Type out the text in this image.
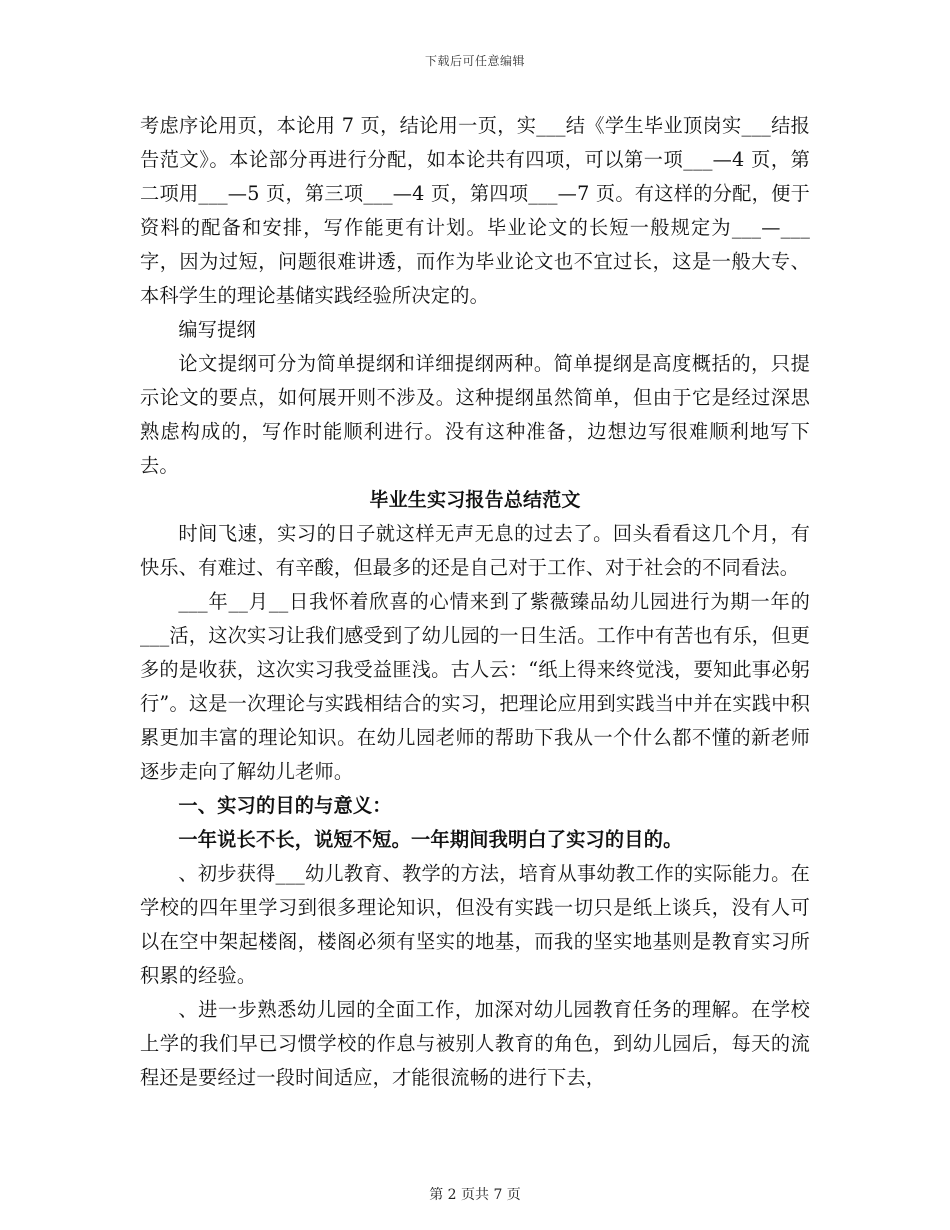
下载后可任意编辑

考虑序论用页，本论用 7 页，结论用一页，实___结《学生毕业顶岗实___结报告范文》。本论部分再进行分配，如本论共有四项，可以第一项___—4 页，第二项用___—5 页，第三项___—4 页，第四项___—7 页。有这样的分配，便于资料的配备和安排，写作能更有计划。毕业论文的长短一般规定为___—___字，因为过短，问题很难讲透，而作为毕业论文也不宜过长，这是一般大专、本科学生的理论基储实践经验所决定的。

编写提纲

论文提纲可分为简单提纲和详细提纲两种。简单提纲是高度概括的，只提示论文的要点，如何展开则不涉及。这种提纲虽然简单，但由于它是经过深思熟虑构成的，写作时能顺利进行。没有这种准备，边想边写很难顺利地写下去。

毕业生实习报告总结范文

时间飞速，实习的日子就这样无声无息的过去了。回头看看这几个月，有快乐、有难过、有辛酸，但最多的还是自己对于工作、对于社会的不同看法。

___年__月__日我怀着欣喜的心情来到了紫薇臻品幼儿园进行为期一年的___活，这次实习让我们感受到了幼儿园的一日生活。工作中有苦也有乐，但更多的是收获，这次实习我受益匪浅。古人云：“纸上得来终觉浅，要知此事必躬行”。这是一次理论与实践相结合的实习，把理论应用到实践当中并在实践中积累更加丰富的理论知识。在幼儿园老师的帮助下我从一个什么都不懂的新老师逐步走向了解幼儿老师。

一、实习的目的与意义：

一年说长不长，说短不短。一年期间我明白了实习的目的。

、初步获得___幼儿教育、教学的方法，培育从事幼教工作的实际能力。在学校的四年里学习到很多理论知识，但没有实践一切只是纸上谈兵，没有人可以在空中架起楼阁，楼阁必须有坚实的地基，而我的坚实地基则是教育实习所积累的经验。

、进一步熟悉幼儿园的全面工作，加深对幼儿园教育任务的理解。在学校上学的我们早已习惯学校的作息与被别人教育的角色，到幼儿园后，每天的流程还是要经过一段时间适应，才能很流畅的进行下去，

第 2 页共 7 页
